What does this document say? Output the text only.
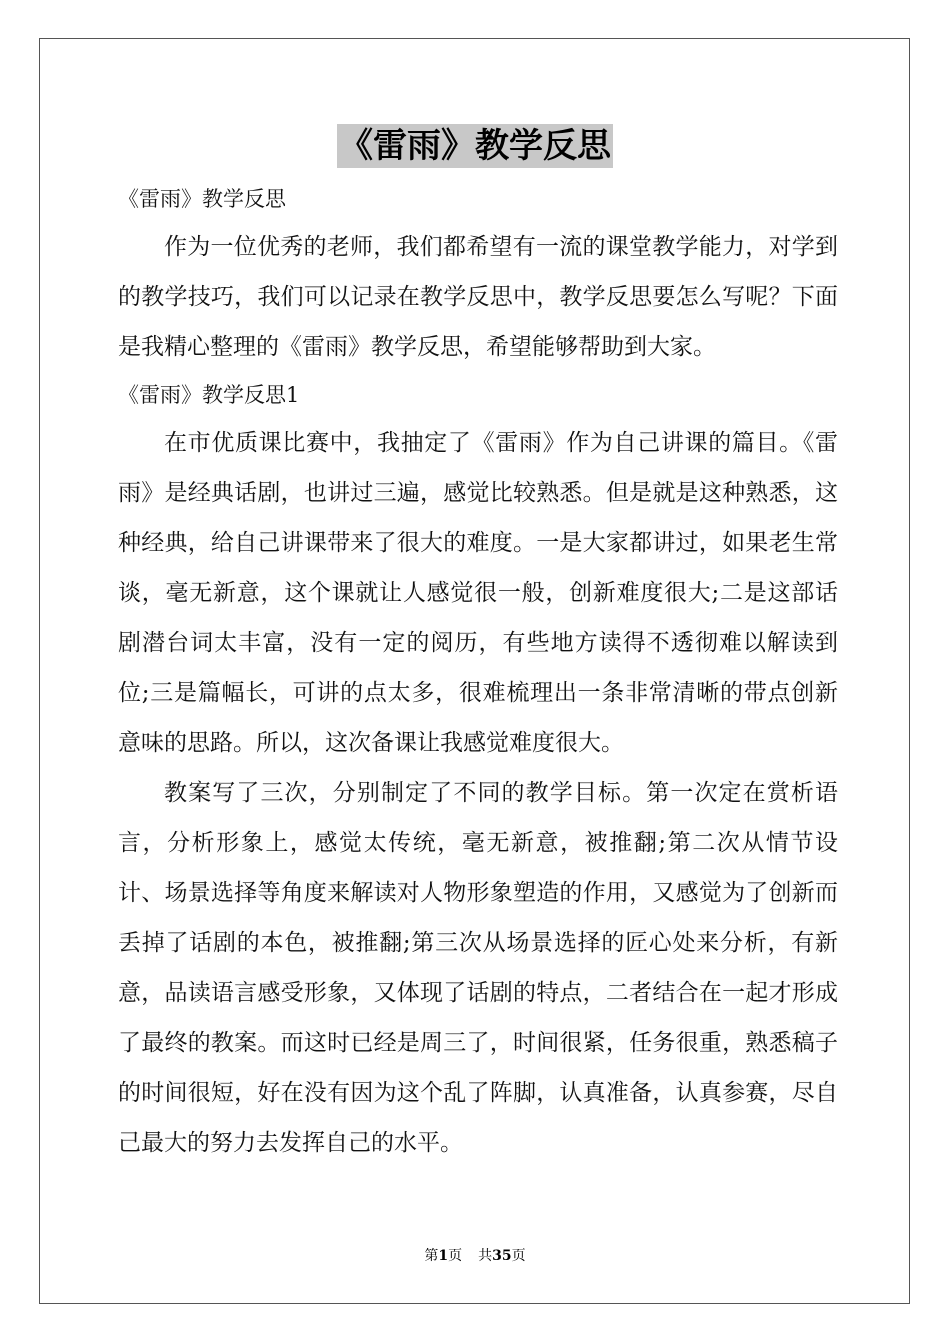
《雷雨》教学反思

《雷雨》教学反思

作为一位优秀的老师，我们都希望有一流的课堂教学能力，对学到的教学技巧，我们可以记录在教学反思中，教学反思要怎么写呢？下面是我精心整理的《雷雨》教学反思，希望能够帮助到大家。

《雷雨》教学反思1

在市优质课比赛中，我抽定了《雷雨》作为自己讲课的篇目。《雷雨》是经典话剧，也讲过三遍，感觉比较熟悉。但是就是这种熟悉，这种经典，给自己讲课带来了很大的难度。一是大家都讲过，如果老生常谈，毫无新意，这个课就让人感觉很一般，创新难度很大;二是这部话剧潜台词太丰富，没有一定的阅历，有些地方读得不透彻难以解读到位;三是篇幅长，可讲的点太多，很难梳理出一条非常清晰的带点创新意味的思路。所以，这次备课让我感觉难度很大。

教案写了三次，分别制定了不同的教学目标。第一次定在赏析语言，分析形象上，感觉太传统，毫无新意，被推翻;第二次从情节设计、场景选择等角度来解读对人物形象塑造的作用，又感觉为了创新而丢掉了话剧的本色，被推翻;第三次从场景选择的匠心处来分析，有新意，品读语言感受形象，又体现了话剧的特点，二者结合在一起才形成了最终的教案。而这时已经是周三了，时间很紧，任务很重，熟悉稿子的时间很短，好在没有因为这个乱了阵脚，认真准备，认真参赛，尽自己最大的努力去发挥自己的水平。

第1页 共35页
